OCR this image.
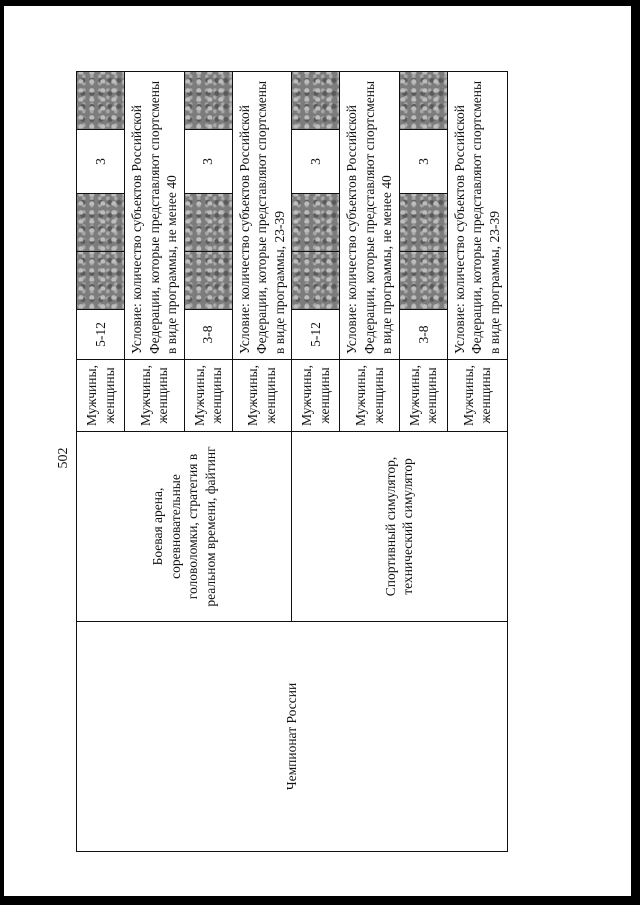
502
Чемпионат России	Боевая арена, соревновательные головоломки, стратегия в реальном времени, файтинг	Мужчины, женщины	5-12			3	
		Мужчины, женщины	Условие: количество субъектов Российской Федерации, которые представляют спортсмены в виде программы, не менее 40				
		Мужчины, женщины	3-8			3	
		Мужчины, женщины	Условие: количество субъектов Российской Федерации, которые представляют спортсмены в виде программы, 23-39				
	Спортивный симулятор, технический симулятор	Мужчины, женщины	5-12			3	
		Мужчины, женщины	Условие: количество субъектов Российской Федерации, которые представляют спортсмены в виде программы, не менее 40				
		Мужчины, женщины	3-8			3	
		Мужчины, женщины	Условие: количество субъектов Российской Федерации, которые представляют спортсмены в виде программы, 23-39				
